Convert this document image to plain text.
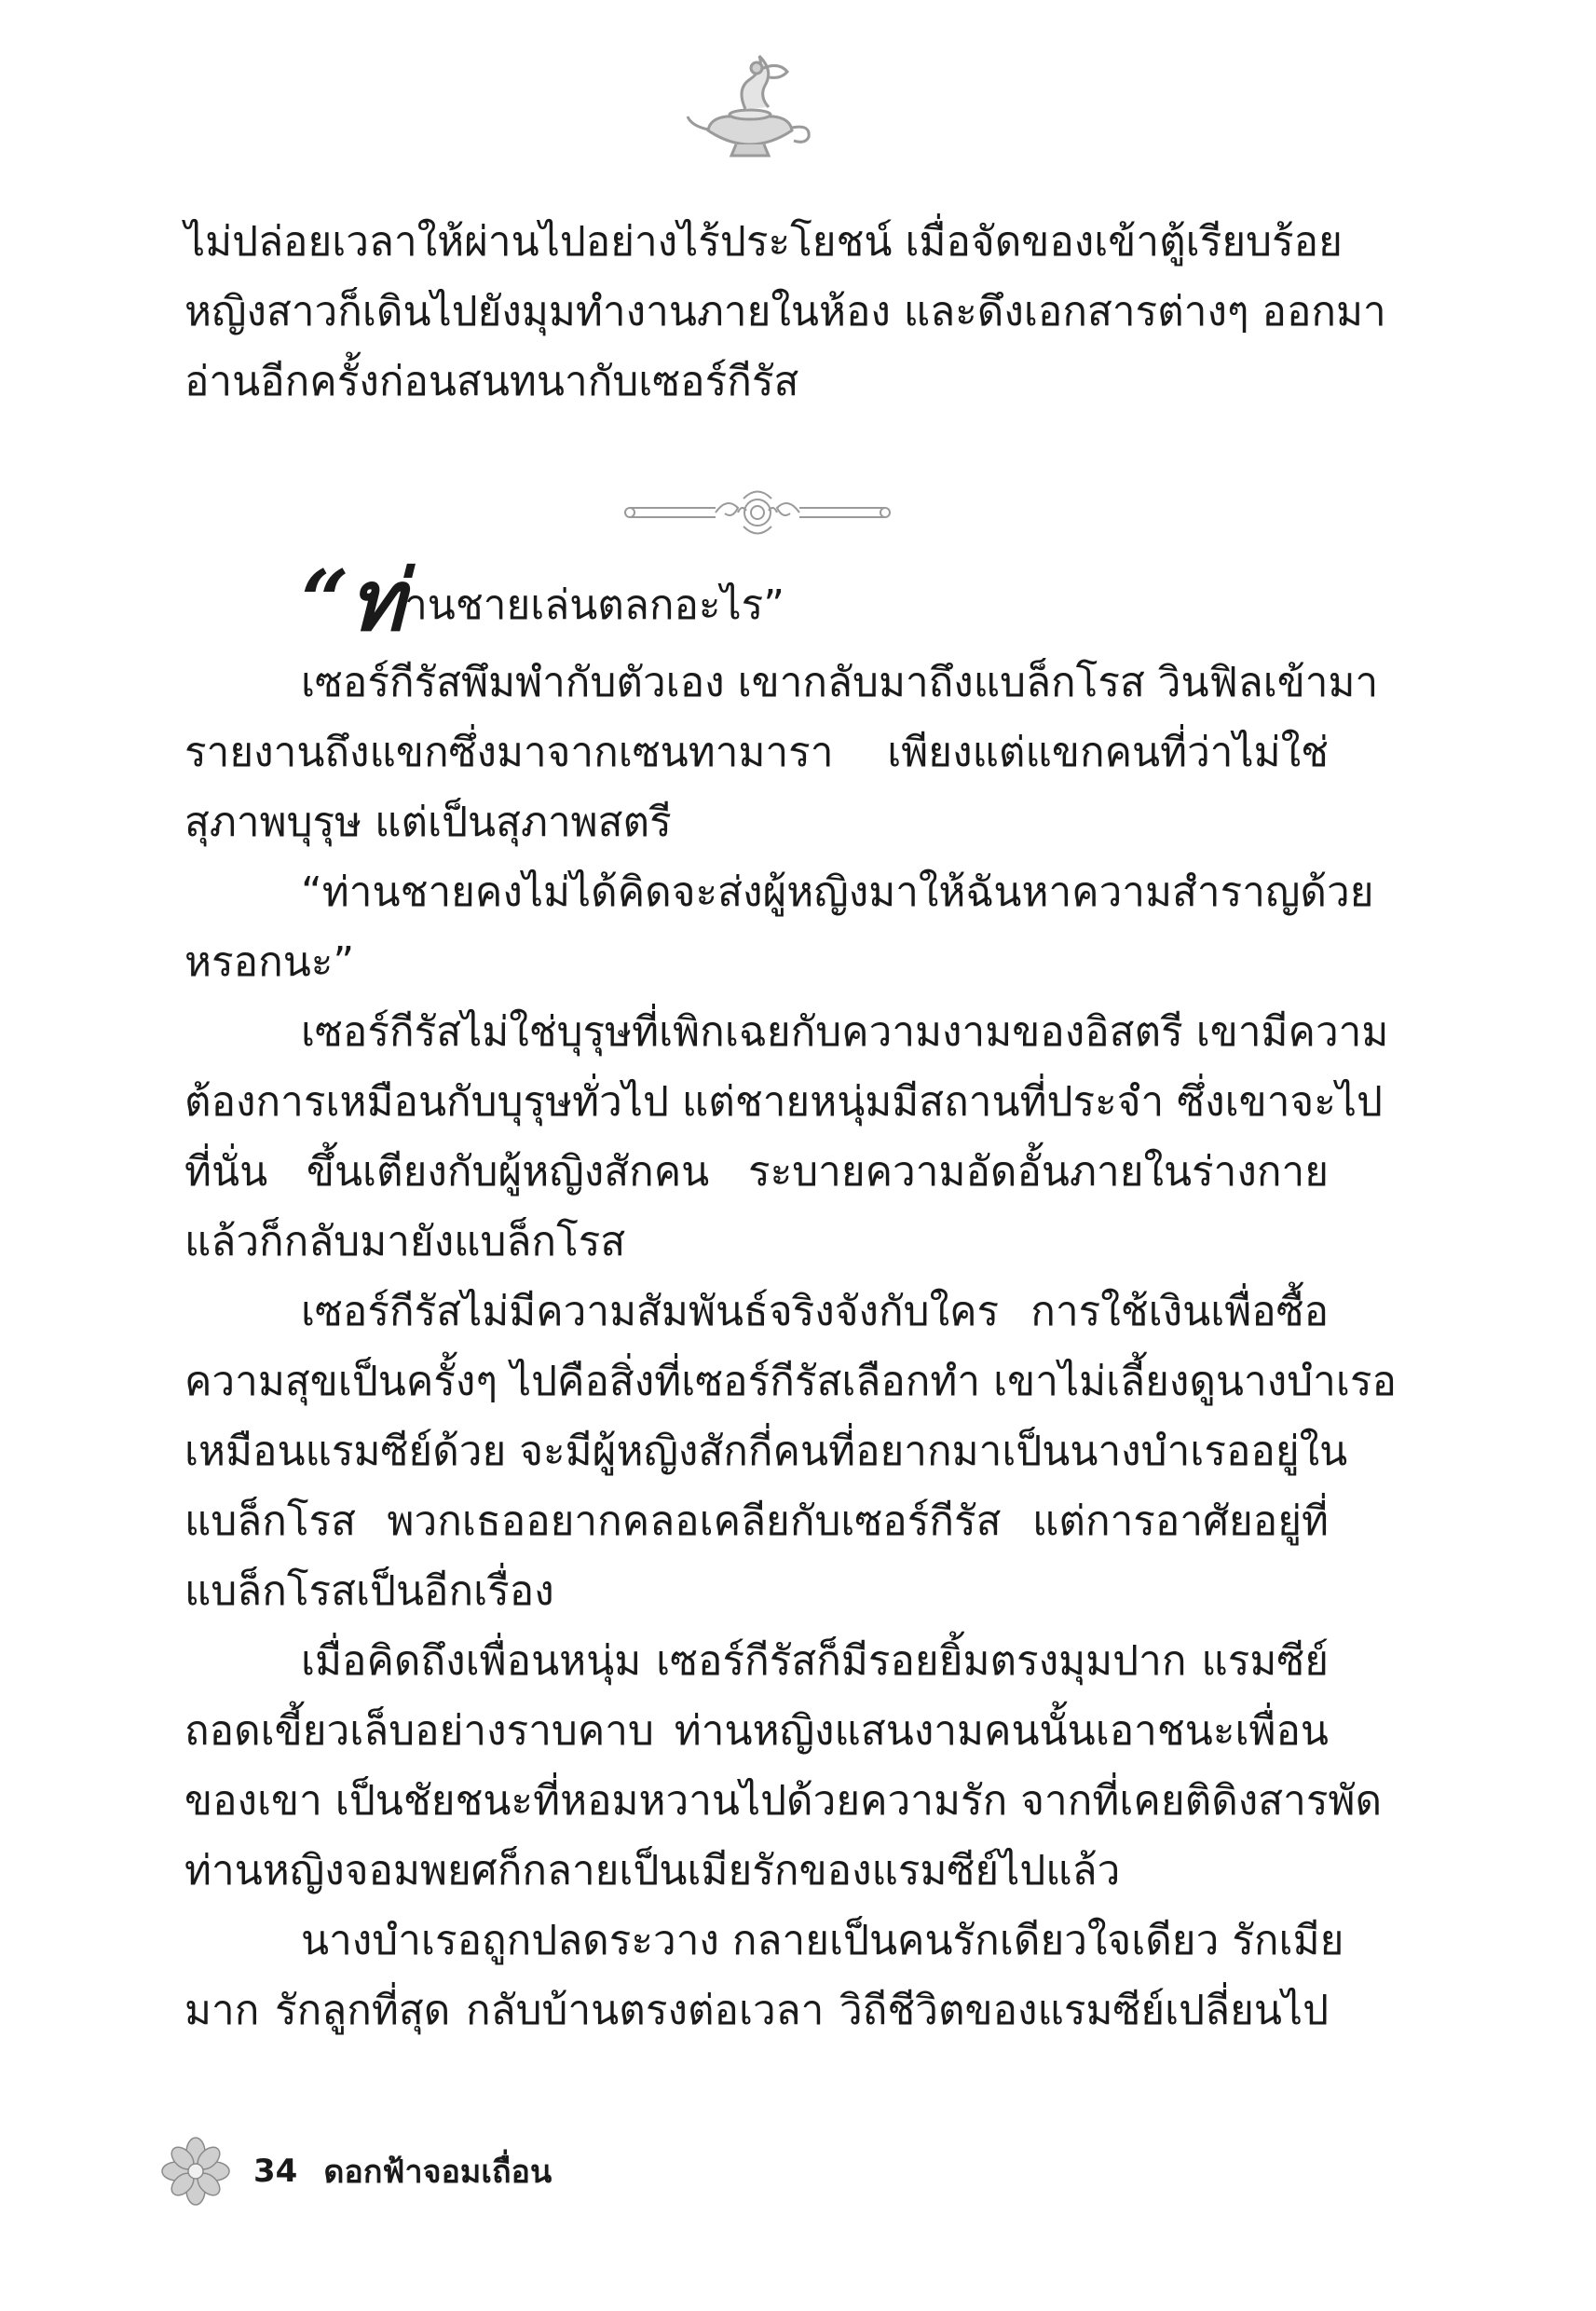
ไม่ปล่อยเวลาให้ผ่านไปอย่างไร้ประโยชน์ เมื่อจัดของเข้าตู้เรียบร้อย
หญิงสาวก็เดินไปยังมุมทำงานภายในห้อง และดึงเอกสารต่างๆ ออกมา
อ่านอีกครั้งก่อนสนทนากับเซอร์กีรัส
“ท่านชายเล่นตลกอะไร”
เซอร์กีรัสพึมพำกับตัวเอง เขากลับมาถึงแบล็กโรส วินฟิลเข้ามา
รายงานถึงแขกซึ่งมาจากเซนทามารา เพียงแต่แขกคนที่ว่าไม่ใช่
สุภาพบุรุษ แต่เป็นสุภาพสตรี
“ท่านชายคงไม่ได้คิดจะส่งผู้หญิงมาให้ฉันหาความสำราญด้วย
หรอกนะ”
เซอร์กีรัสไม่ใช่บุรุษที่เพิกเฉยกับความงามของอิสตรี เขามีความ
ต้องการเหมือนกับบุรุษทั่วไป แต่ชายหนุ่มมีสถานที่ประจำ ซึ่งเขาจะไป
ที่นั่น ขึ้นเตียงกับผู้หญิงสักคน ระบายความอัดอั้นภายในร่างกาย
แล้วก็กลับมายังแบล็กโรส
เซอร์กีรัสไม่มีความสัมพันธ์จริงจังกับใคร การใช้เงินเพื่อซื้อ
ความสุขเป็นครั้งๆ ไปคือสิ่งที่เซอร์กีรัสเลือกทำ เขาไม่เลี้ยงดูนางบำเรอ
เหมือนแรมซีย์ด้วย จะมีผู้หญิงสักกี่คนที่อยากมาเป็นนางบำเรออยู่ใน
แบล็กโรส พวกเธออยากคลอเคลียกับเซอร์กีรัส แต่การอาศัยอยู่ที่
แบล็กโรสเป็นอีกเรื่อง
เมื่อคิดถึงเพื่อนหนุ่ม เซอร์กีรัสก็มีรอยยิ้มตรงมุมปาก แรมซีย์
ถอดเขี้ยวเล็บอย่างราบคาบ ท่านหญิงแสนงามคนนั้นเอาชนะเพื่อน
ของเขา เป็นชัยชนะที่หอมหวานไปด้วยความรัก จากที่เคยติดิงสารพัด
ท่านหญิงจอมพยศก็กลายเป็นเมียรักของแรมซีย์ไปแล้ว
นางบำเรอถูกปลดระวาง กลายเป็นคนรักเดียวใจเดียว รักเมีย
มาก รักลูกที่สุด กลับบ้านตรงต่อเวลา วิถีชีวิตของแรมซีย์เปลี่ยนไป
34 ดอกฟ้าจอมเถื่อน
